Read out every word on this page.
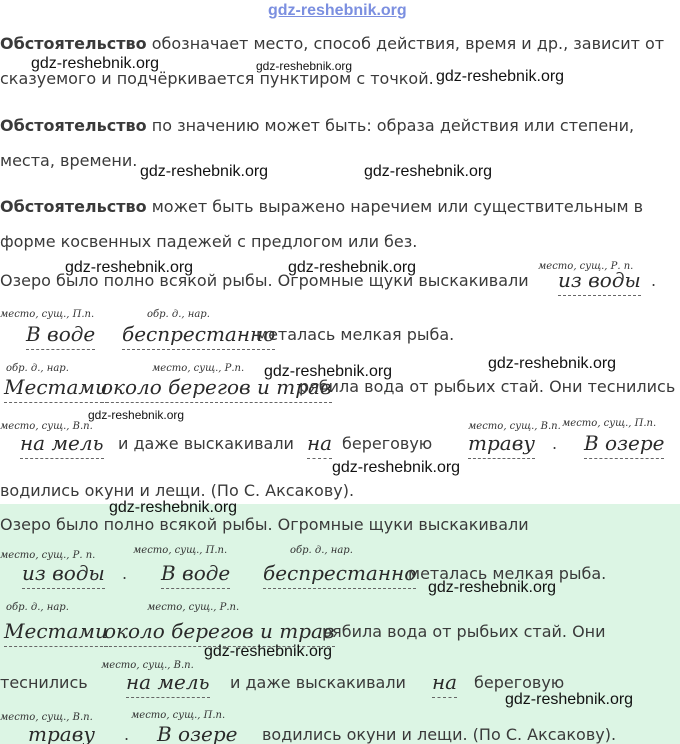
gdz-reshebnik.org
Обстоятельство обозначает место, способ действия, время и др., зависит от
сказуемого и подчёркивается пунктиром с точкой.
Обстоятельство по значению может быть: образа действия или степени,
места, времени.
Обстоятельство может быть выражено наречием или существительным в
форме косвенных падежей с предлогом или без.
Озеро было полно всякой рыбы. Огромные щуки выскакивали
место, сущ., Р. п.
из воды .
место, сущ., П.п.	обр. д., нар.
В воде беспрестанно
металась мелкая рыба.
обр. д., нар.	место, сущ., Р.п.
Местами
около берегов и трав
рябила вода от рыбьих стай. Они теснились
место, сущ., В.п.	место, сущ., В.п. место, сущ., П.п.
на мель и даже выскакивали на береговую траву . В озере
водились окуни и лещи. (По С. Аксакову).
Озеро было полно всякой рыбы. Огромные щуки выскакивали
место, сущ., Р. п.	место, сущ., П.п.	обр. д., нар.
из воды . В воде беспрестанно
металась мелкая рыба.
обр. д., нар.	место, сущ., Р.п.
Местами
около берегов и трав
рябила вода от рыбьих стай. Они
место, сущ., В.п.
теснились на мель и даже выскакивали на береговую
место, сущ., В.п.	место, сущ., П.п.
траву . В озере водились окуни и лещи. (По С. Аксакову).
gdz-reshebnik.org	gdz-reshebnik.org
gdz-reshebnik.org
gdz-reshebnik.org	gdz-reshebnik.org
gdz-reshebnik.org	gdz-reshebnik.org
gdz-reshebnik.org	gdz-reshebnik.org
gdz-reshebnik.org
gdz-reshebnik.org
gdz-reshebnik.org
gdz-reshebnik.org
gdz-reshebnik.org
gdz-reshebnik.org
